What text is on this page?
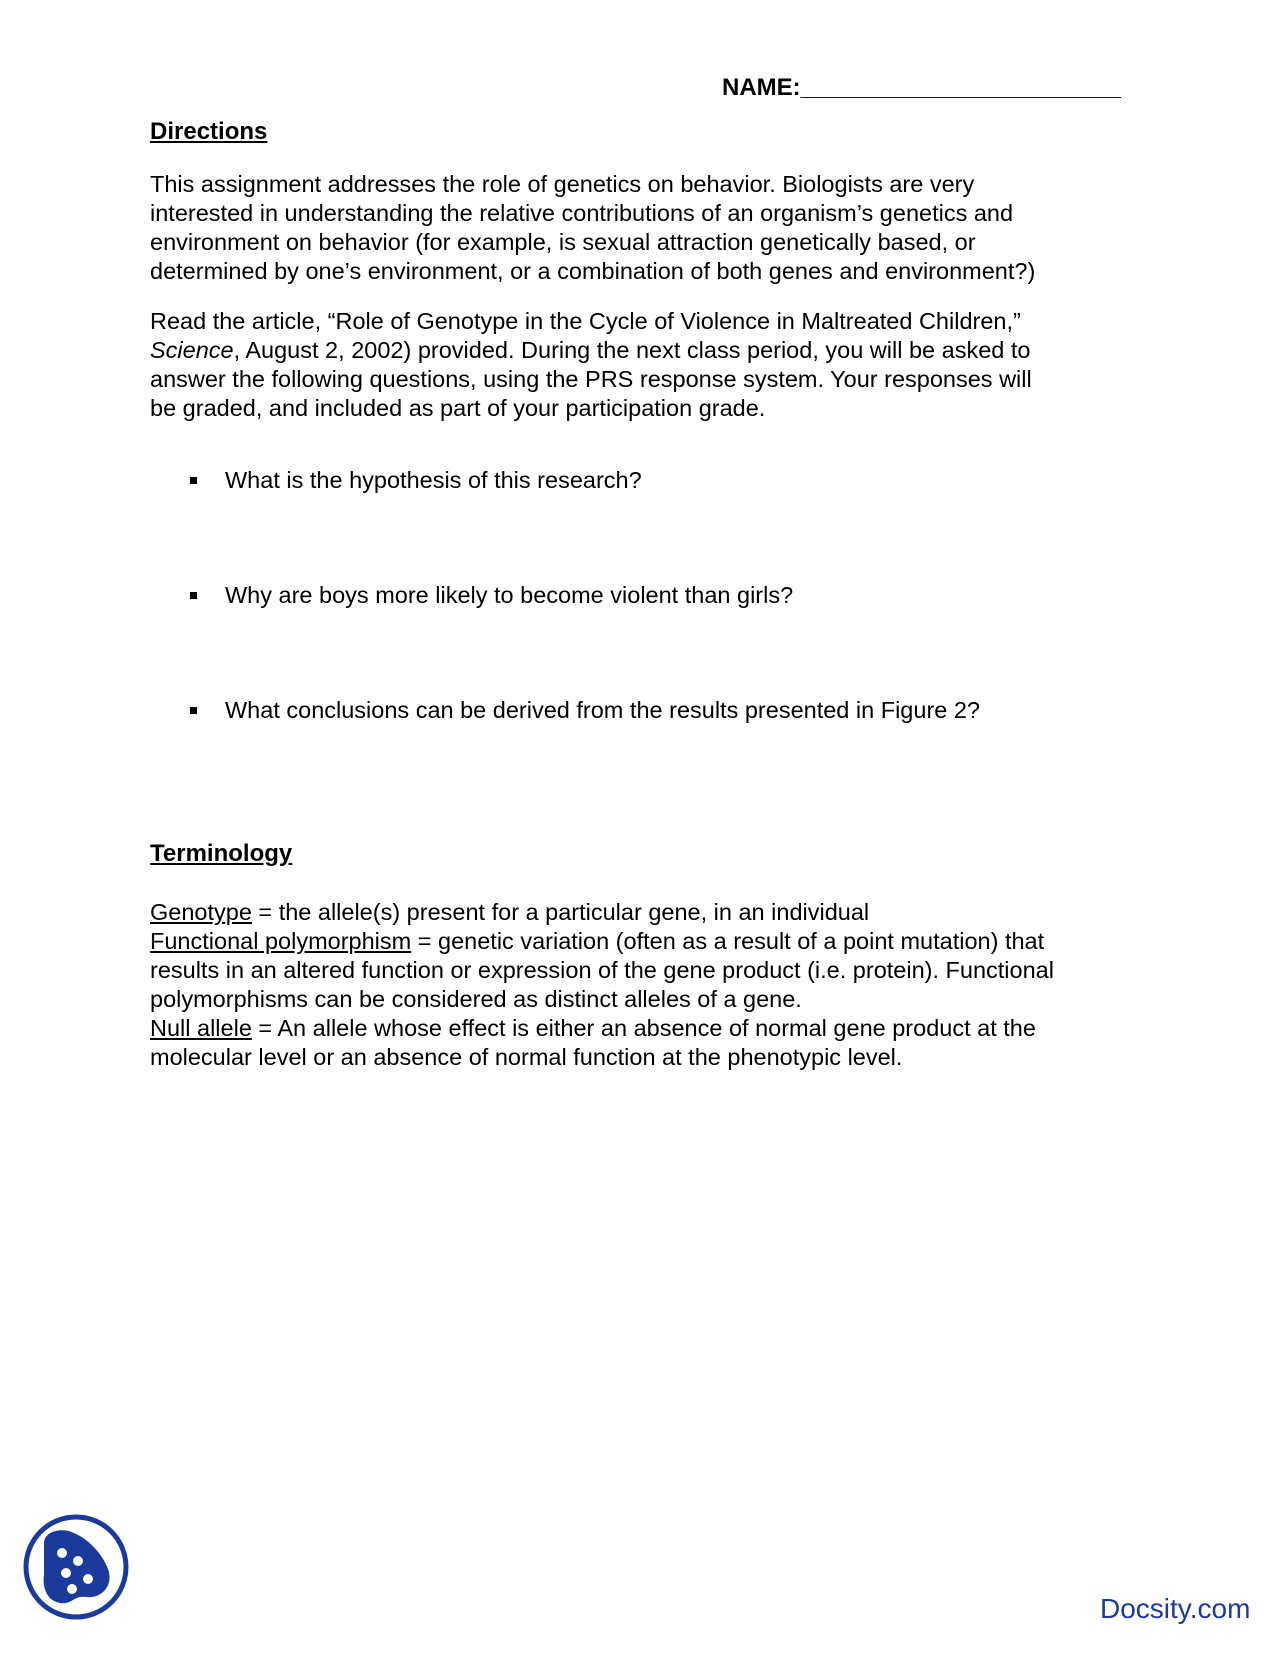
NAME:________________________
Directions

This assignment addresses the role of genetics on behavior. Biologists are very
interested in understanding the relative contributions of an organism’s genetics and
environment on behavior (for example, is sexual attraction genetically based, or
determined by one’s environment, or a combination of both genes and environment?)

Read the article, “Role of Genotype in the Cycle of Violence in Maltreated Children,”
Science, August 2, 2002) provided. During the next class period, you will be asked to
answer the following questions, using the PRS response system. Your responses will
be graded, and included as part of your participation grade.

What is the hypothesis of this research?
Why are boys more likely to become violent than girls?
What conclusions can be derived from the results presented in Figure 2?
Terminology

Genotype = the allele(s) present for a particular gene, in an individual
Functional polymorphism = genetic variation (often as a result of a point mutation) that
results in an altered function or expression of the gene product (i.e. protein). Functional
polymorphisms can be considered as distinct alleles of a gene.
Null allele = An allele whose effect is either an absence of normal gene product at the
molecular level or an absence of normal function at the phenotypic level.

Docsity.com
